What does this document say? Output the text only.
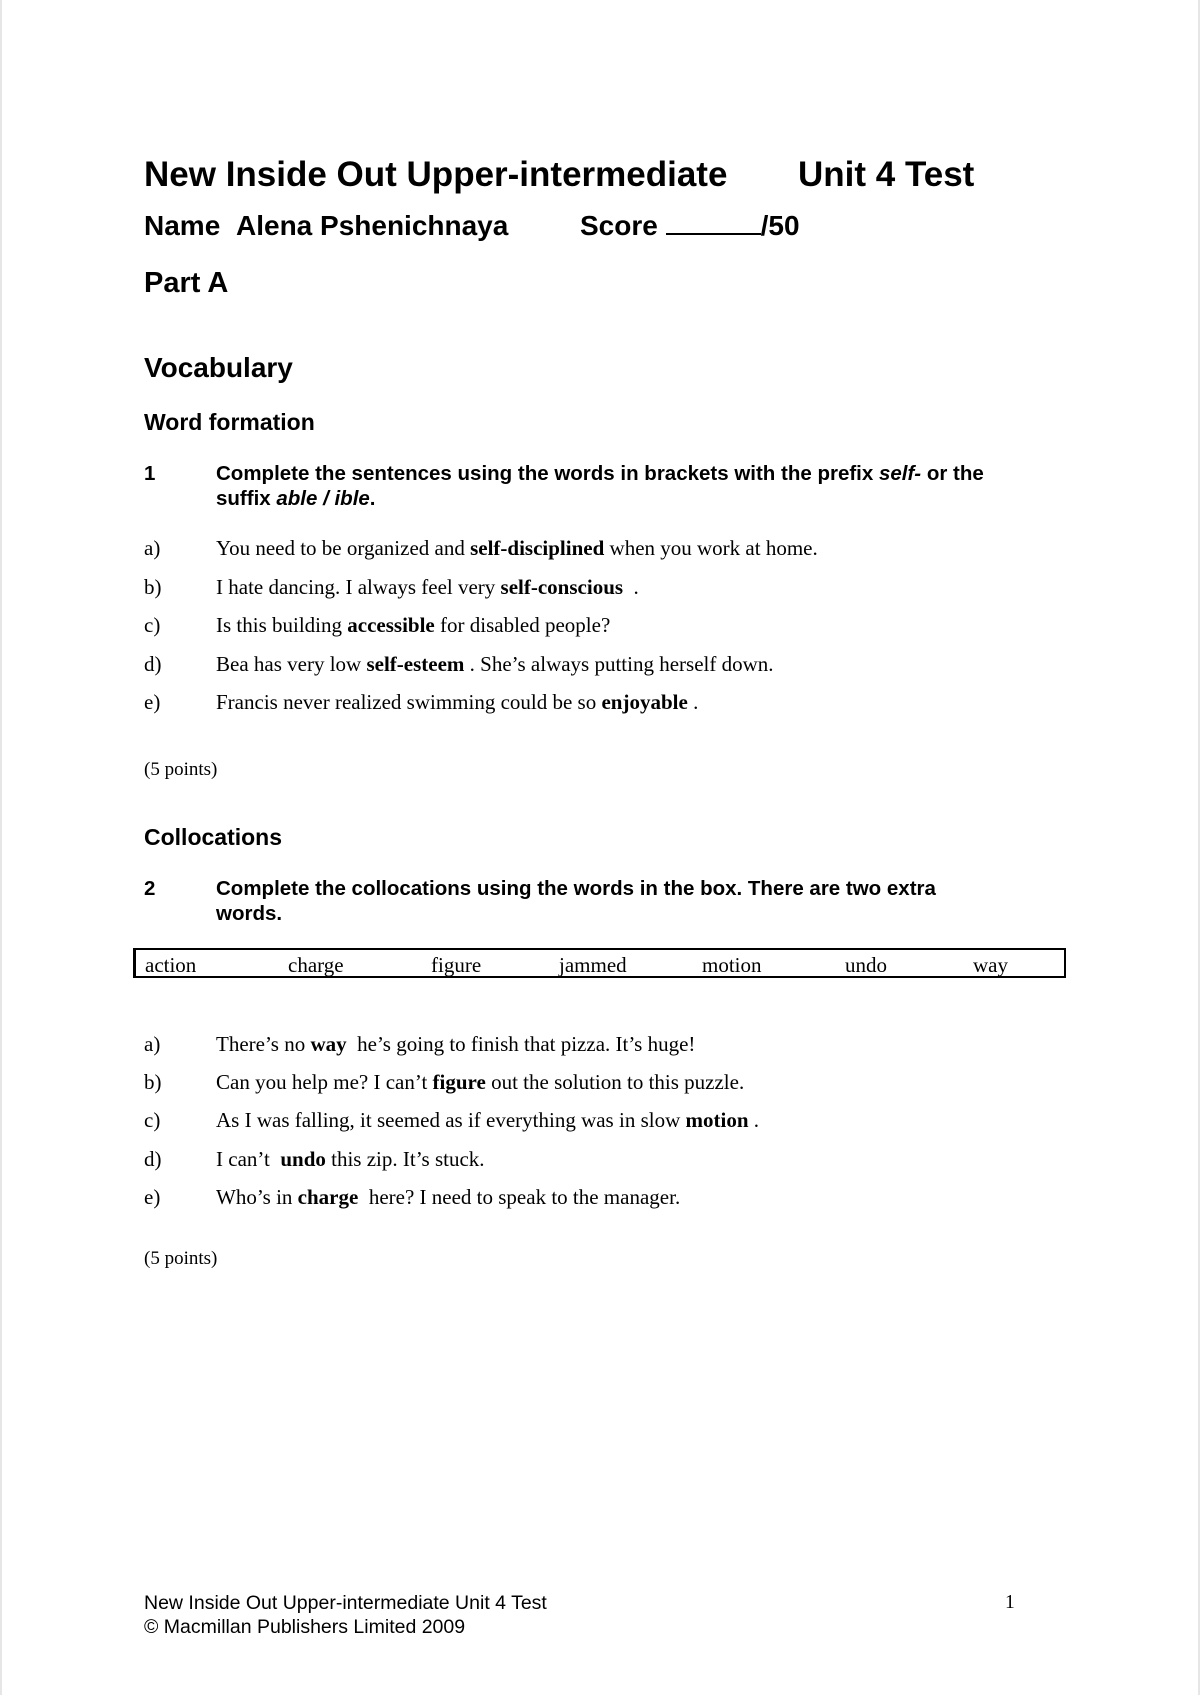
New Inside Out Upper-intermediate Unit 4 Test
Name Alena Pshenichnaya	Score	/50
Part A
Vocabulary
Word formation
1	Complete the sentences using the words in brackets with the prefix self- or the
suffix able / ible.
a)	You need to be organized and self-disciplined when you work at home.
b)	I hate dancing. I always feel very self-conscious  .
c)	Is this building accessible for disabled people?
d)	Bea has very low self-esteem . She’s always putting herself down.
e)	Francis never realized swimming could be so enjoyable .
(5 points)
Collocations
2	Complete the collocations using the words in the box. There are two extra
words.
action	charge	figure	jammed	motion	undo	way
a)	There’s no way  he’s going to finish that pizza. It’s huge!
b)	Can you help me? I can’t figure out the solution to this puzzle.
c)	As I was falling, it seemed as if everything was in slow motion .
d)	I can’t  undo this zip. It’s stuck.
e)	Who’s in charge  here? I need to speak to the manager.
(5 points)
New Inside Out Upper-intermediate Unit 4 Test
© Macmillan Publishers Limited 2009
1
